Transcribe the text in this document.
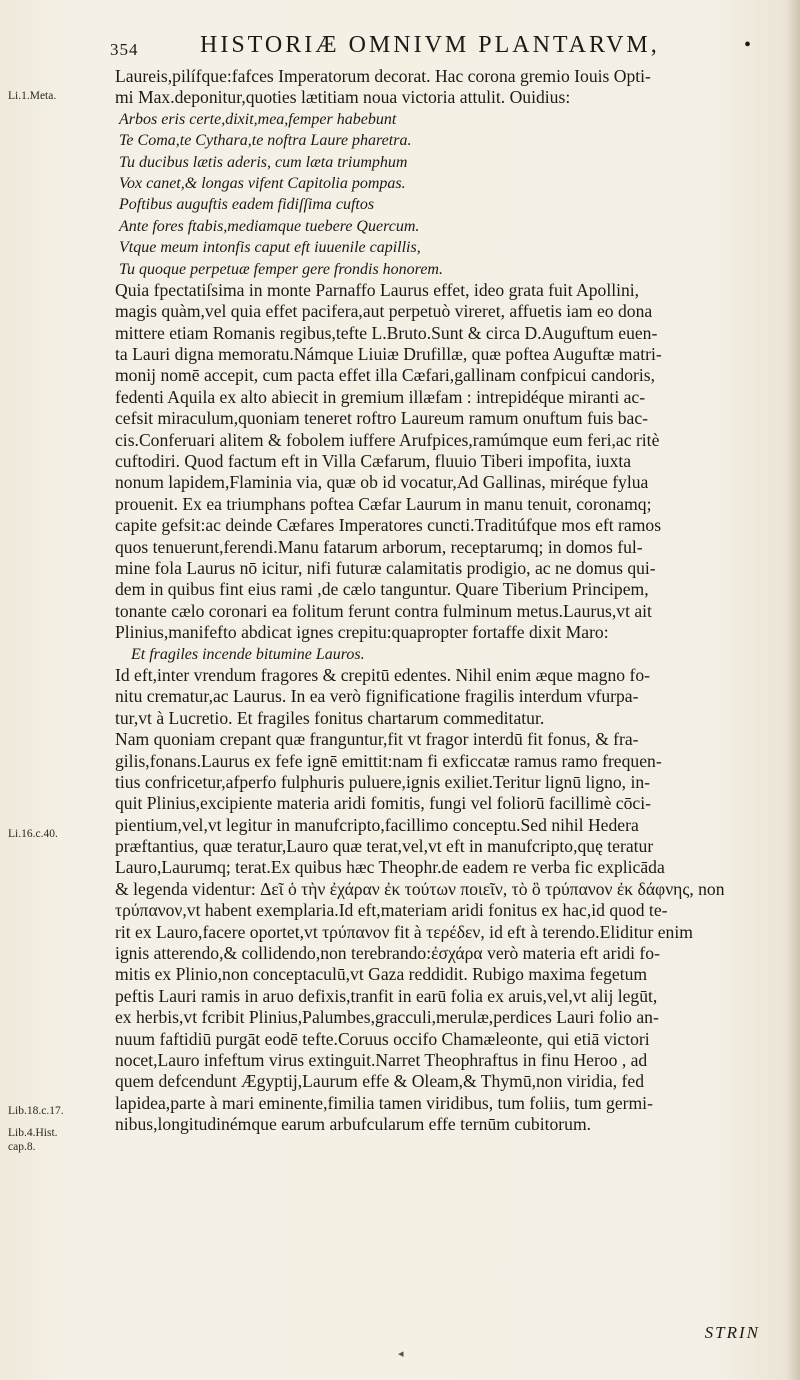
354	HISTORIÆ OMNIVM PLANTARVM,	•
Li.1.Meta.
Li.16.c.40.
Lib.18.c.17.
Lib.4.Hist.
cap.8.
Laureis,pilífque:fafces Imperatorum decorat. Hac corona gremio Iouis Opti-
mi Max.deponitur,quoties lætitiam noua victoria attulit. Ouidius:
Arbos eris certe,dixit,mea,femper habebunt
Te Coma,te Cythara,te noftra Laure pharetra.
Tu ducibus lætis aderis, cum læta triumphum
Vox canet,& longas vifent Capitolia pompas.
Poftibus auguftis eadem fidiſſima cuftos
Ante fores ftabis,mediamque tuebere Quercum.
Vtque meum intonfis caput eft iuuenile capillis,
Tu quoque perpetuæ femper gere frondis honorem.
Quia fpectatiſsima in monte Parnaffo Laurus effet, ideo grata fuit Apollini,
magis quàm,vel quia effet pacifera,aut perpetuò vireret, affuetis iam eo dona
mittere etiam Romanis regibus,tefte L.Bruto.Sunt & circa D.Auguftum euen-
ta Lauri digna memoratu.Námque Liuiæ Drufillæ, quæ poftea Auguftæ matri-
monij nomē accepit, cum pacta effet illa Cæfari,gallinam confpicui candoris,
fedenti Aquila ex alto abiecit in gremium illæfam : intrepidéque miranti ac-
cefsit miraculum,quoniam teneret roftro Laureum ramum onuftum fuis bac-
cis.Conferuari alitem & fobolem iuffere Arufpices,ramúmque eum feri,ac ritè
cuftodiri. Quod factum eft in Villa Cæfarum, fluuio Tiberi impofita, iuxta
nonum lapidem,Flaminia via, quæ ob id vocatur,Ad Gallinas, miréque fylua
prouenit. Ex ea triumphans poftea Cæfar Laurum in manu tenuit, coronamq;
capite gefsit:ac deinde Cæfares Imperatores cuncti.Traditúfque mos eft ramos
quos tenuerunt,ferendi.Manu fatarum arborum, receptarumq; in domos ful-
mine fola Laurus nō icitur, nifi futuræ calamitatis prodigio, ac ne domus qui-
dem in quibus fint eius rami ,de cælo tanguntur. Quare Tiberium Principem,
tonante cælo coronari ea folitum ferunt contra fulminum metus.Laurus,vt ait
Plinius,manifefto abdicat ignes crepitu:quapropter fortaffe dixit Maro:
Et fragiles incende bitumine Lauros.
Id eft,inter vrendum fragores & crepitū edentes. Nihil enim æque magno fo-
nitu crematur,ac Laurus. In ea verò fignificatione fragilis interdum vfurpa-
tur,vt à Lucretio. Et fragiles fonitus chartarum commeditatur.
Nam quoniam crepant quæ franguntur,fit vt fragor interdū fit fonus, & fra-
gilis,fonans.Laurus ex fefe ignē emittit:nam fi exficcatæ ramus ramo frequen-
tius confricetur,afperfo fulphuris puluere,ignis exiliet.Teritur lignū ligno, in-
quit Plinius,excipiente materia aridi fomitis, fungi vel foliorū facillimè cōci-
pientium,vel,vt legitur in manufcripto,facillimo conceptu.Sed nihil Hedera
præftantius, quæ teratur,Lauro quæ terat,vel,vt eft in manufcripto,quę teratur
Lauro,Laurumq; terat.Ex quibus hæc Theophr.de eadem re verba fic explicāda
& legenda videntur: Δεῖ ὁ τὴν ἐχάραν ἐκ τούτων ποιεῖν, τὸ ὃ τρύπανον ἐκ δάφνης, non
τρύπανον,vt habent exemplaria.Id eft,materiam aridi fonitus ex hac,id quod te-
rit ex Lauro,facere oportet,vt τρύπανον fit à τερέδεν, id eft à terendo.Eliditur enim
ignis atterendo,& collidendo,non terebrando:ἐσχάρα verò materia eft aridi fo-
mitis ex Plinio,non conceptaculū,vt Gaza reddidit. Rubigo maxima fegetum
peftis Lauri ramis in aruo defixis,tranfit in earū folia ex aruis,vel,vt alij legūt,
ex herbis,vt fcribit Plinius,Palumbes,gracculi,merulæ,perdices Lauri folio an-
nuum faftidiū purgāt eodē tefte.Coruus occifo Chamæleonte, qui etiā victori
nocet,Lauro infeftum virus extinguit.Narret Theophraftus in finu Heroo , ad
quem defcendunt Ægyptij,Laurum effe & Oleam,& Thymū,non viridia, fed
lapidea,parte à mari eminente,fimilia tamen viridibus, tum foliis, tum germi-
nibus,longitudinémque earum arbufcularum effe ternūm cubitorum.
STRIN
◂
